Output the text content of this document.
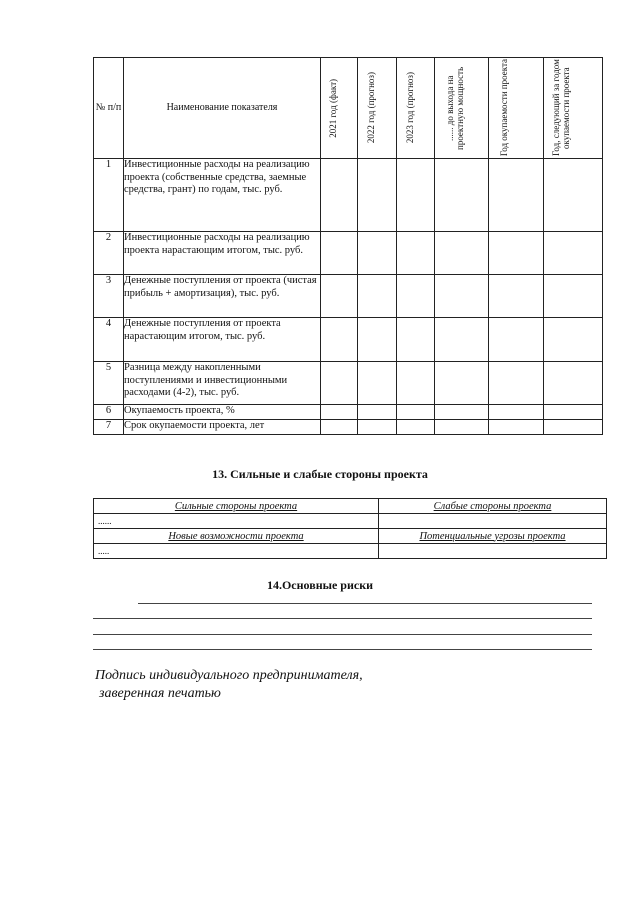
№ п/п	Наименование показателя	2021 год (факт)	2022 год (прогноз)	2023 год (прогноз)	...... до выхода на проектную мощность	Год окупаемости проекта	Год, следующий за годом окупаемости проекта

1	Инвестиционные расходы на реализацию проекта (собственные средства, заемные средства, грант) по годам, тыс. руб.						
2	Инвестиционные расходы на реализацию проекта нарастающим итогом, тыс. руб.						
3	Денежные поступления от проекта (чистая прибыль + амортизация), тыс. руб.						
4	Денежные поступления от проекта нарастающим итогом, тыс. руб.						
5	Разница между накопленными поступлениями и инвестиционными расходами (4-2), тыс. руб.						
6	Окупаемость проекта, %						
7	Срок окупаемости проекта, лет						
13. Сильные и слабые стороны проекта
Сильные стороны проекта	Слабые стороны проекта
......	
Новые возможности проекта	Потенциальные угрозы проекта
.....	
14.Основные риски
Подпись индивидуального предпринимателя,
заверенная печатью
